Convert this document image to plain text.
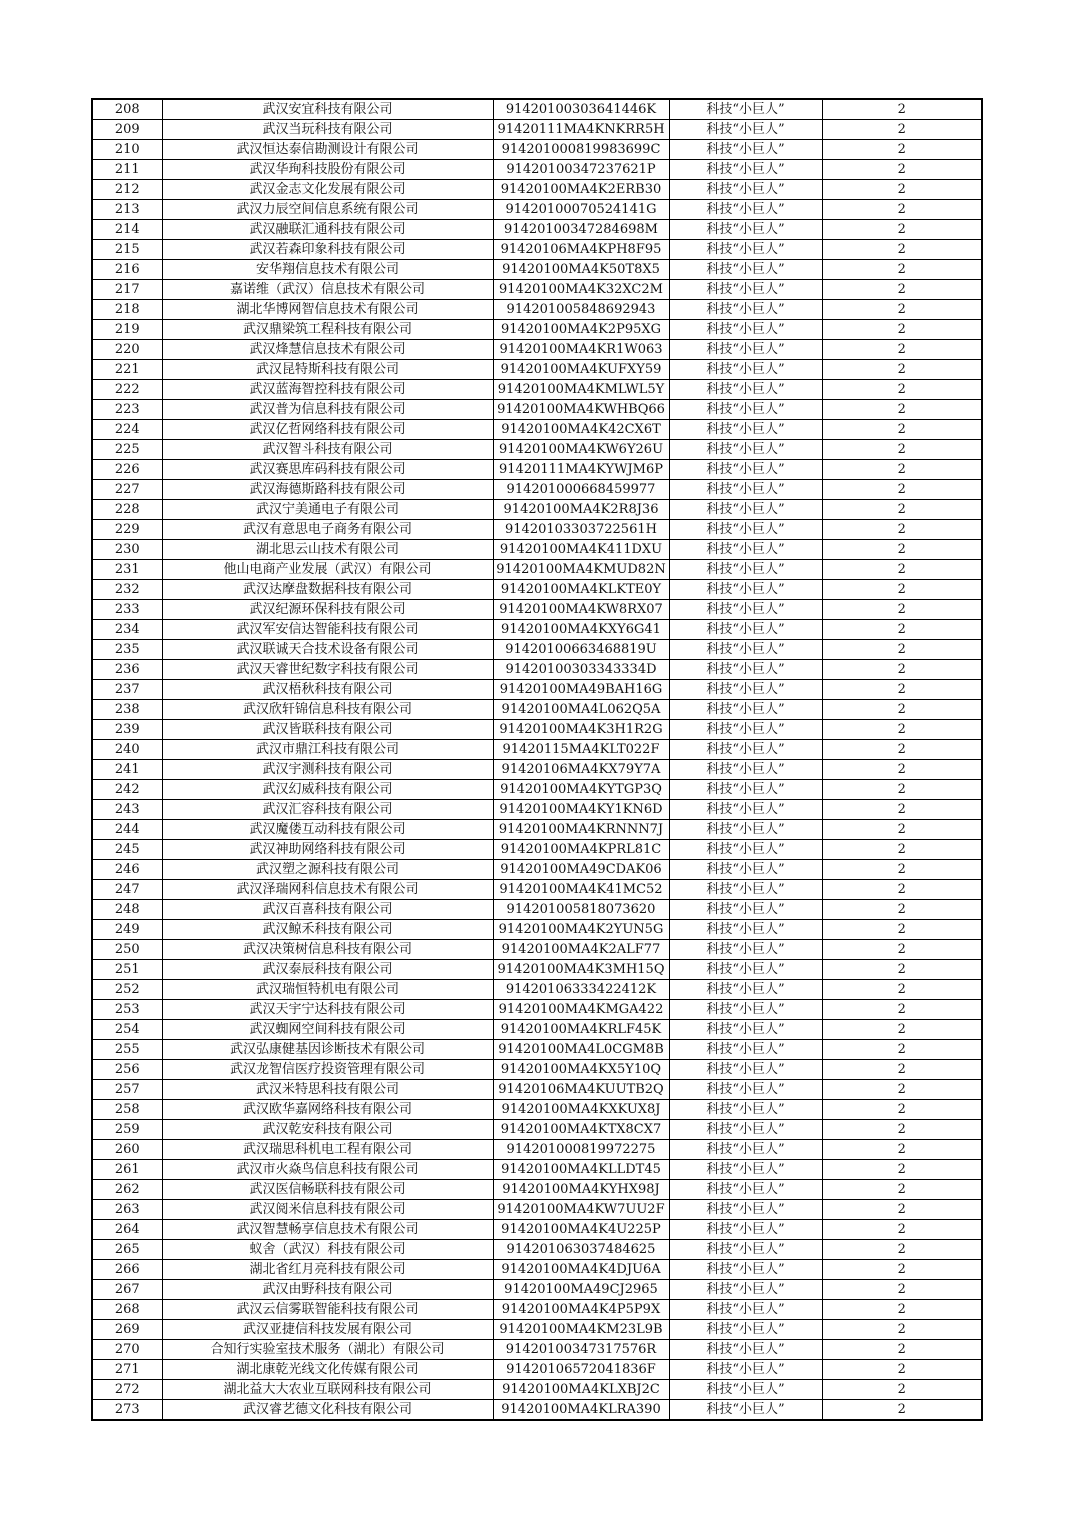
208	武汉安宜科技有限公司	91420100303641446K	科技“小巨人”	2
209	武汉当玩科技有限公司	91420111MA4KNKRR5H	科技“小巨人”	2
210	武汉恒达泰信勘测设计有限公司	914201000819983699C	科技“小巨人”	2
211	武汉华珣科技股份有限公司	91420100347237621P	科技“小巨人”	2
212	武汉金志文化发展有限公司	91420100MA4K2ERB30	科技“小巨人”	2
213	武汉力辰空间信息系统有限公司	91420100070524141G	科技“小巨人”	2
214	武汉融联汇通科技有限公司	91420100347284698M	科技“小巨人”	2
215	武汉若森印象科技有限公司	91420106MA4KPH8F95	科技“小巨人”	2
216	安华翔信息技术有限公司	91420100MA4K50T8X5	科技“小巨人”	2
217	嘉诺维（武汉）信息技术有限公司	91420100MA4K32XC2M	科技“小巨人”	2
218	湖北华博网智信息技术有限公司	914201005848692943	科技“小巨人”	2
219	武汉鼎梁筑工程科技有限公司	91420100MA4K2P95XG	科技“小巨人”	2
220	武汉烽慧信息技术有限公司	91420100MA4KR1W063	科技“小巨人”	2
221	武汉昆特斯科技有限公司	91420100MA4KUFXY59	科技“小巨人”	2
222	武汉蓝海智控科技有限公司	91420100MA4KMLWL5Y	科技“小巨人”	2
223	武汉普为信息科技有限公司	91420100MA4KWHBQ66	科技“小巨人”	2
224	武汉亿哲网络科技有限公司	91420100MA4K42CX6T	科技“小巨人”	2
225	武汉智斗科技有限公司	91420100MA4KW6Y26U	科技“小巨人”	2
226	武汉赛思库码科技有限公司	91420111MA4KYWJM6P	科技“小巨人”	2
227	武汉海德斯路科技有限公司	914201000668459977	科技“小巨人”	2
228	武汉宁美通电子有限公司	91420100MA4K2R8J36	科技“小巨人”	2
229	武汉有意思电子商务有限公司	91420103303722561H	科技“小巨人”	2
230	湖北思云山技术有限公司	91420100MA4K411DXU	科技“小巨人”	2
231	他山电商产业发展（武汉）有限公司	91420100MA4KMUD82N	科技“小巨人”	2
232	武汉达摩盘数据科技有限公司	91420100MA4KLKTE0Y	科技“小巨人”	2
233	武汉纪源环保科技有限公司	91420100MA4KW8RX07	科技“小巨人”	2
234	武汉军安信达智能科技有限公司	91420100MA4KXY6G41	科技“小巨人”	2
235	武汉联诚天合技术设备有限公司	91420100663468819U	科技“小巨人”	2
236	武汉天睿世纪数字科技有限公司	91420100303343334D	科技“小巨人”	2
237	武汉梧秋科技有限公司	91420100MA49BAH16G	科技“小巨人”	2
238	武汉欣轩锦信息科技有限公司	91420100MA4L062Q5A	科技“小巨人”	2
239	武汉皆联科技有限公司	91420100MA4K3H1R2G	科技“小巨人”	2
240	武汉市鼎江科技有限公司	91420115MA4KLT022F	科技“小巨人”	2
241	武汉宇测科技有限公司	91420106MA4KX79Y7A	科技“小巨人”	2
242	武汉幻威科技有限公司	91420100MA4KYTGP3Q	科技“小巨人”	2
243	武汉汇容科技有限公司	91420100MA4KY1KN6D	科技“小巨人”	2
244	武汉魔偻互动科技有限公司	91420100MA4KRNNN7J	科技“小巨人”	2
245	武汉神助网络科技有限公司	91420100MA4KPRL81C	科技“小巨人”	2
246	武汉塑之源科技有限公司	91420100MA49CDAK06	科技“小巨人”	2
247	武汉泽瑞网科信息技术有限公司	91420100MA4K41MC52	科技“小巨人”	2
248	武汉百喜科技有限公司	914201005818073620	科技“小巨人”	2
249	武汉鲸禾科技有限公司	91420100MA4K2YUN5G	科技“小巨人”	2
250	武汉决策树信息科技有限公司	91420100MA4K2ALF77	科技“小巨人”	2
251	武汉泰辰科技有限公司	91420100MA4K3MH15Q	科技“小巨人”	2
252	武汉瑞恒特机电有限公司	91420106333422412K	科技“小巨人”	2
253	武汉天宇宁达科技有限公司	91420100MA4KMGA422	科技“小巨人”	2
254	武汉蜘网空间科技有限公司	91420100MA4KRLF45K	科技“小巨人”	2
255	武汉弘康健基因诊断技术有限公司	91420100MA4L0CGM8B	科技“小巨人”	2
256	武汉龙智信医疗投资管理有限公司	91420100MA4KX5Y10Q	科技“小巨人”	2
257	武汉米特思科技有限公司	91420106MA4KUUTB2Q	科技“小巨人”	2
258	武汉欧华嘉网络科技有限公司	91420100MA4KXKUX8J	科技“小巨人”	2
259	武汉乾安科技有限公司	91420100MA4KTX8CX7	科技“小巨人”	2
260	武汉瑞思科机电工程有限公司	914201000819972275	科技“小巨人”	2
261	武汉市火焱鸟信息科技有限公司	91420100MA4KLLDT45	科技“小巨人”	2
262	武汉医信畅联科技有限公司	91420100MA4KYHX98J	科技“小巨人”	2
263	武汉阅米信息科技有限公司	91420100MA4KW7UU2F	科技“小巨人”	2
264	武汉智慧畅享信息技术有限公司	91420100MA4K4U225P	科技“小巨人”	2
265	蚁舍（武汉）科技有限公司	914201063037484625	科技“小巨人”	2
266	湖北省红月亮科技有限公司	91420100MA4K4DJU6A	科技“小巨人”	2
267	武汉由野科技有限公司	91420100MA49CJ2965	科技“小巨人”	2
268	武汉云信雾联智能科技有限公司	91420100MA4K4P5P9X	科技“小巨人”	2
269	武汉亚捷信科技发展有限公司	91420100MA4KM23L9B	科技“小巨人”	2
270	合知行实验室技术服务（湖北）有限公司	91420100347317576R	科技“小巨人”	2
271	湖北康乾光线文化传媒有限公司	91420106572041836F	科技“小巨人”	2
272	湖北益大大农业互联网科技有限公司	91420100MA4KLXBJ2C	科技“小巨人”	2
273	武汉睿艺德文化科技有限公司	91420100MA4KLRA390	科技“小巨人”	2
